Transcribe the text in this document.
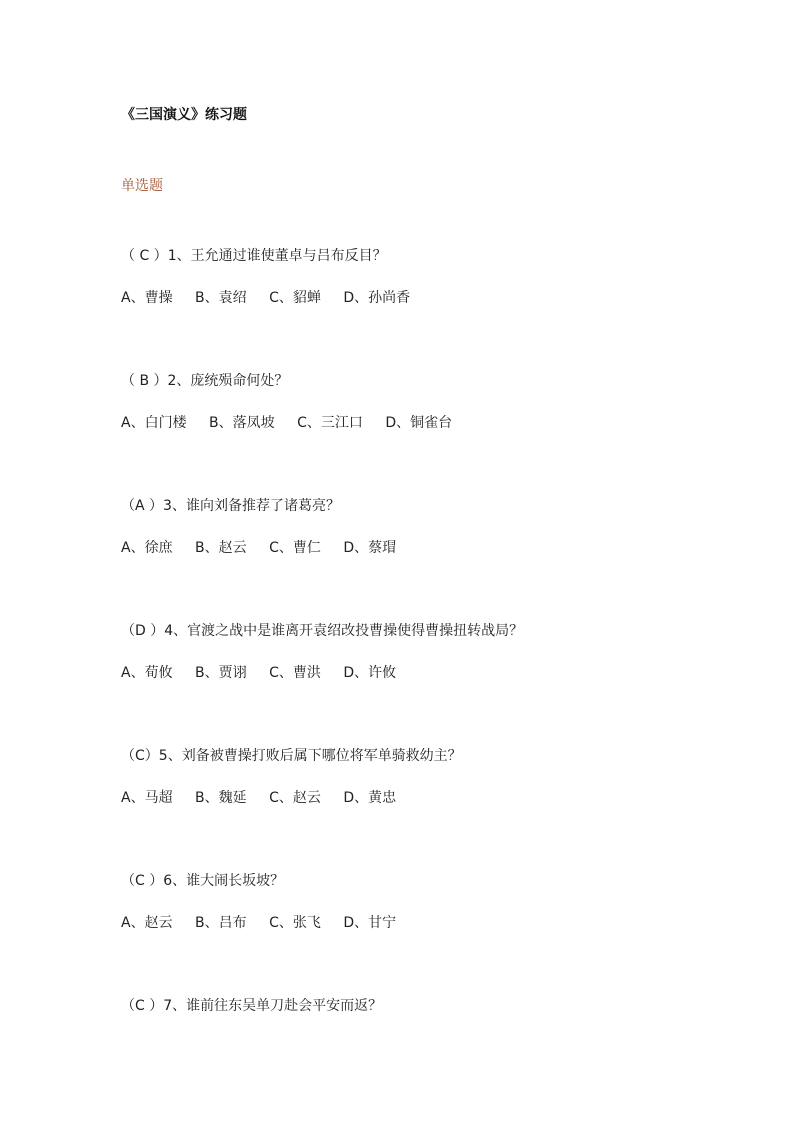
《三国演义》练习题
单选题
（ C ）1、王允通过谁使董卓与吕布反目？
A、曹操 B、袁绍 C、貂蝉 D、孙尚香
（ B ）2、庞统殒命何处？
A、白门楼 B、落凤坡 C、三江口 D、铜雀台
（A ）3、谁向刘备推荐了诸葛亮？
A、徐庶 B、赵云 C、曹仁 D、蔡瑁
（D ）4、官渡之战中是谁离开袁绍改投曹操使得曹操扭转战局？
A、荀攸 B、贾诩 C、曹洪 D、许攸
（C）5、刘备被曹操打败后属下哪位将军单骑救幼主？
A、马超 B、魏延 C、赵云 D、黄忠
（C ）6、谁大闹长坂坡？
A、赵云 B、吕布 C、张飞 D、甘宁
（C ）7、谁前往东吴单刀赴会平安而返？
